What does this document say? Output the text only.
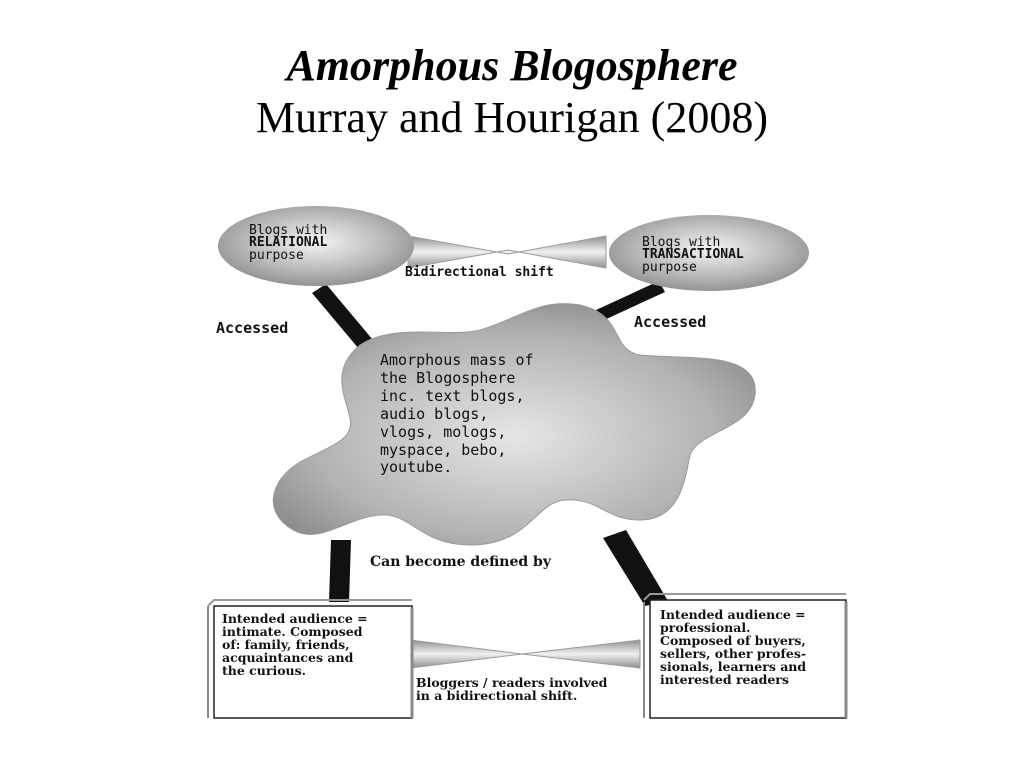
Amorphous Blogosphere
Murray and Hourigan (2008)
Blogs with RELATIONAL purpose
Blogs with TRANSACTIONAL purpose
Bidirectional shift
Accessed	Accessed
Amorphous mass of the Blogosphere inc. text blogs, audio blogs, vlogs, mologs, myspace, bebo, youtube.
Can become defined by
Intended audience = intimate. Composed of: family, friends, acquaintances and the curious.
Intended audience = professional. Composed of buyers, sellers, other profes- sionals, learners and interested readers
Bloggers / readers involved in a bidirectional shift.
